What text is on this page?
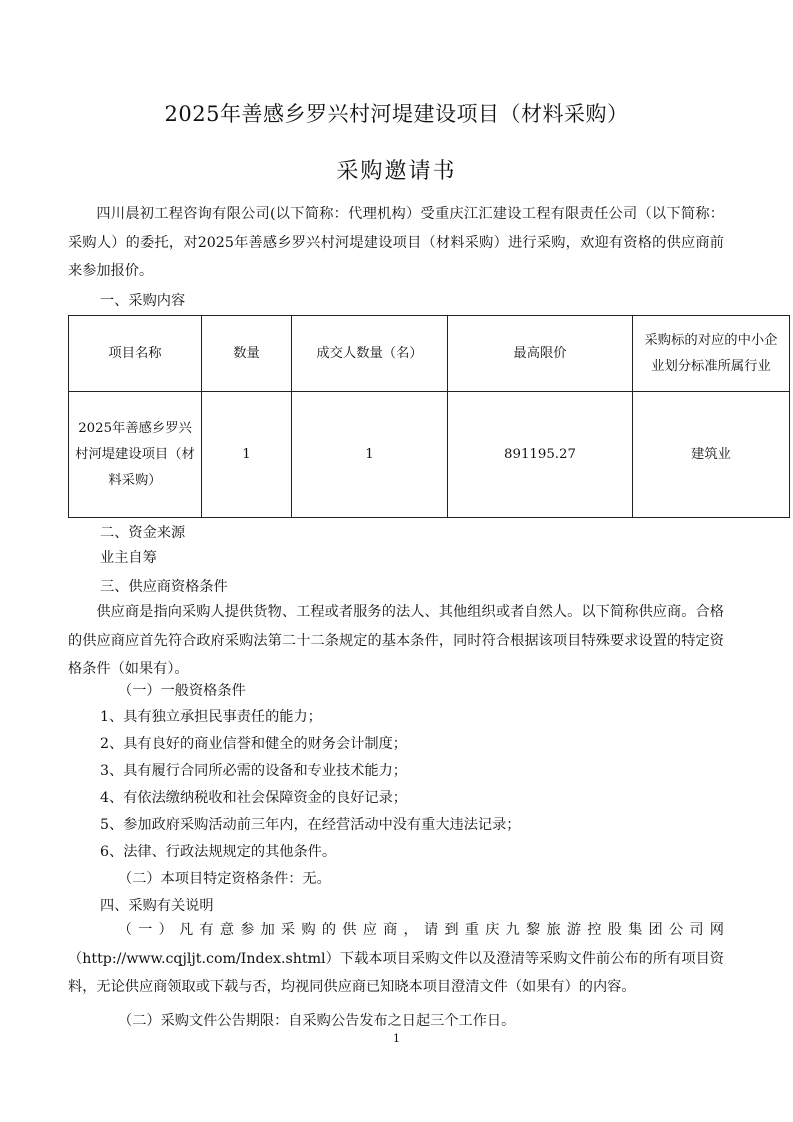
2025年善感乡罗兴村河堤建设项目（材料采购）
采购邀请书
四川晨初工程咨询有限公司(以下简称：代理机构）受重庆江汇建设工程有限责任公司（以下简称：采购人）的委托，对2025年善感乡罗兴村河堤建设项目（材料采购）进行采购，欢迎有资格的供应商前来参加报价。
一、采购内容
项目名称	数量	成交人数量（名）	最高限价	采购标的对应的中小企业划分标准所属行业
2025年善感乡罗兴村河堤建设项目（材料采购）	1	1	891195.27	建筑业
二、资金来源
业主自筹
三、供应商资格条件
供应商是指向采购人提供货物、工程或者服务的法人、其他组织或者自然人。以下简称供应商。合格的供应商应首先符合政府采购法第二十二条规定的基本条件，同时符合根据该项目特殊要求设置的特定资格条件（如果有）。
（一）一般资格条件
1、具有独立承担民事责任的能力；
2、具有良好的商业信誉和健全的财务会计制度；
3、具有履行合同所必需的设备和专业技术能力；
4、有依法缴纳税收和社会保障资金的良好记录；
5、参加政府采购活动前三年内，在经营活动中没有重大违法记录；
6、法律、行政法规规定的其他条件。
（二）本项目特定资格条件：无。
四、采购有关说明
（一）凡有意参加采购的供应商，请到重庆九黎旅游控股集团公司网（http://www.cqjljt.com/Index.shtml）下载本项目采购文件以及澄清等采购文件前公布的所有项目资料，无论供应商领取或下载与否，均视同供应商已知晓本项目澄清文件（如果有）的内容。
（二）采购文件公告期限：自采购公告发布之日起三个工作日。
1
